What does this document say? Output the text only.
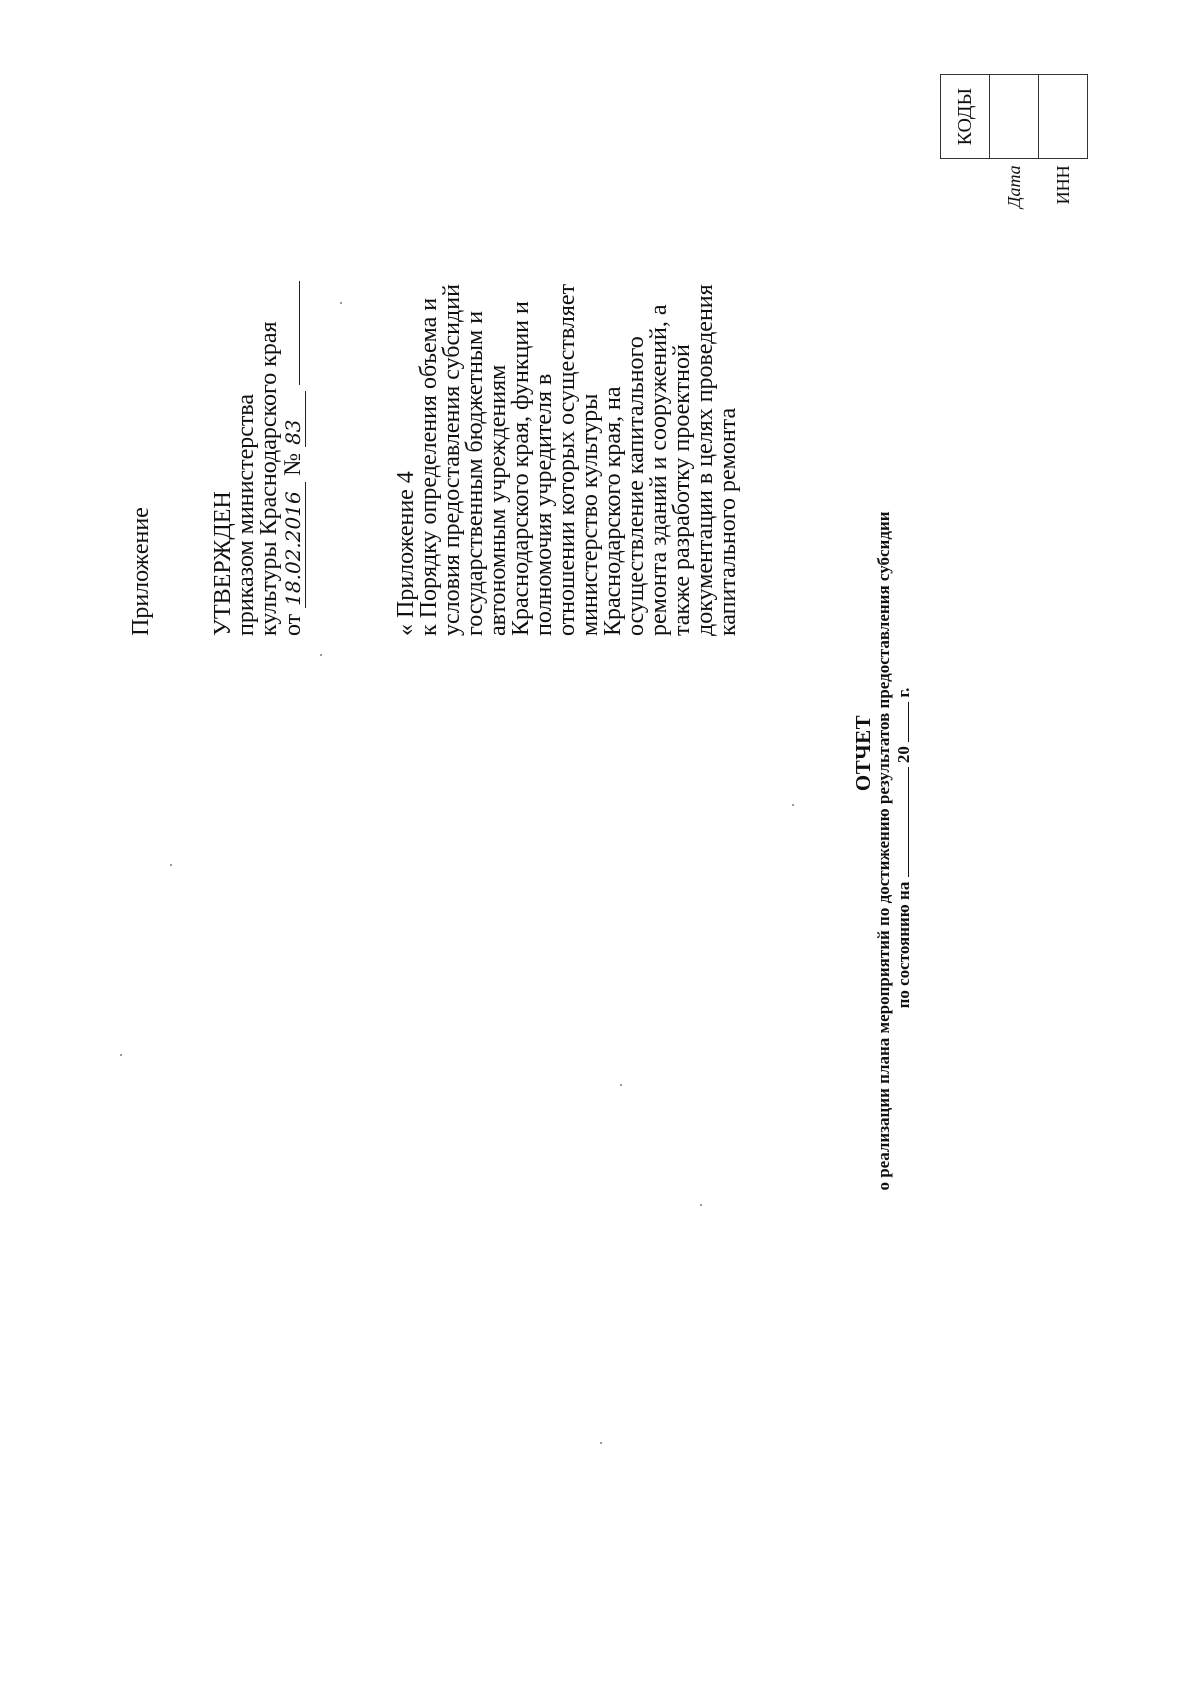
Приложение УТВЕРЖДЕН
приказом министерства
культуры Краснодарского края
от 18.02.2016 № 83
« Приложение 4
к Порядку определения объема и
условия предоставления субсидий
государственным бюджетным и
автономным учреждениям
Краснодарского края, функции и
полномочия учредителя в
отношении которых осуществляет
министерство культуры
Краснодарского края, на
осуществление капитального
ремонта зданий и сооружений, а
также разработку проектной
документации в целях проведения
капитального ремонта
ОТЧЕТ о реализации плана мероприятий по достижению результатов предоставления субсидии по состоянию на  20  г.
	КОДЫ
Дата	
ИНН	
